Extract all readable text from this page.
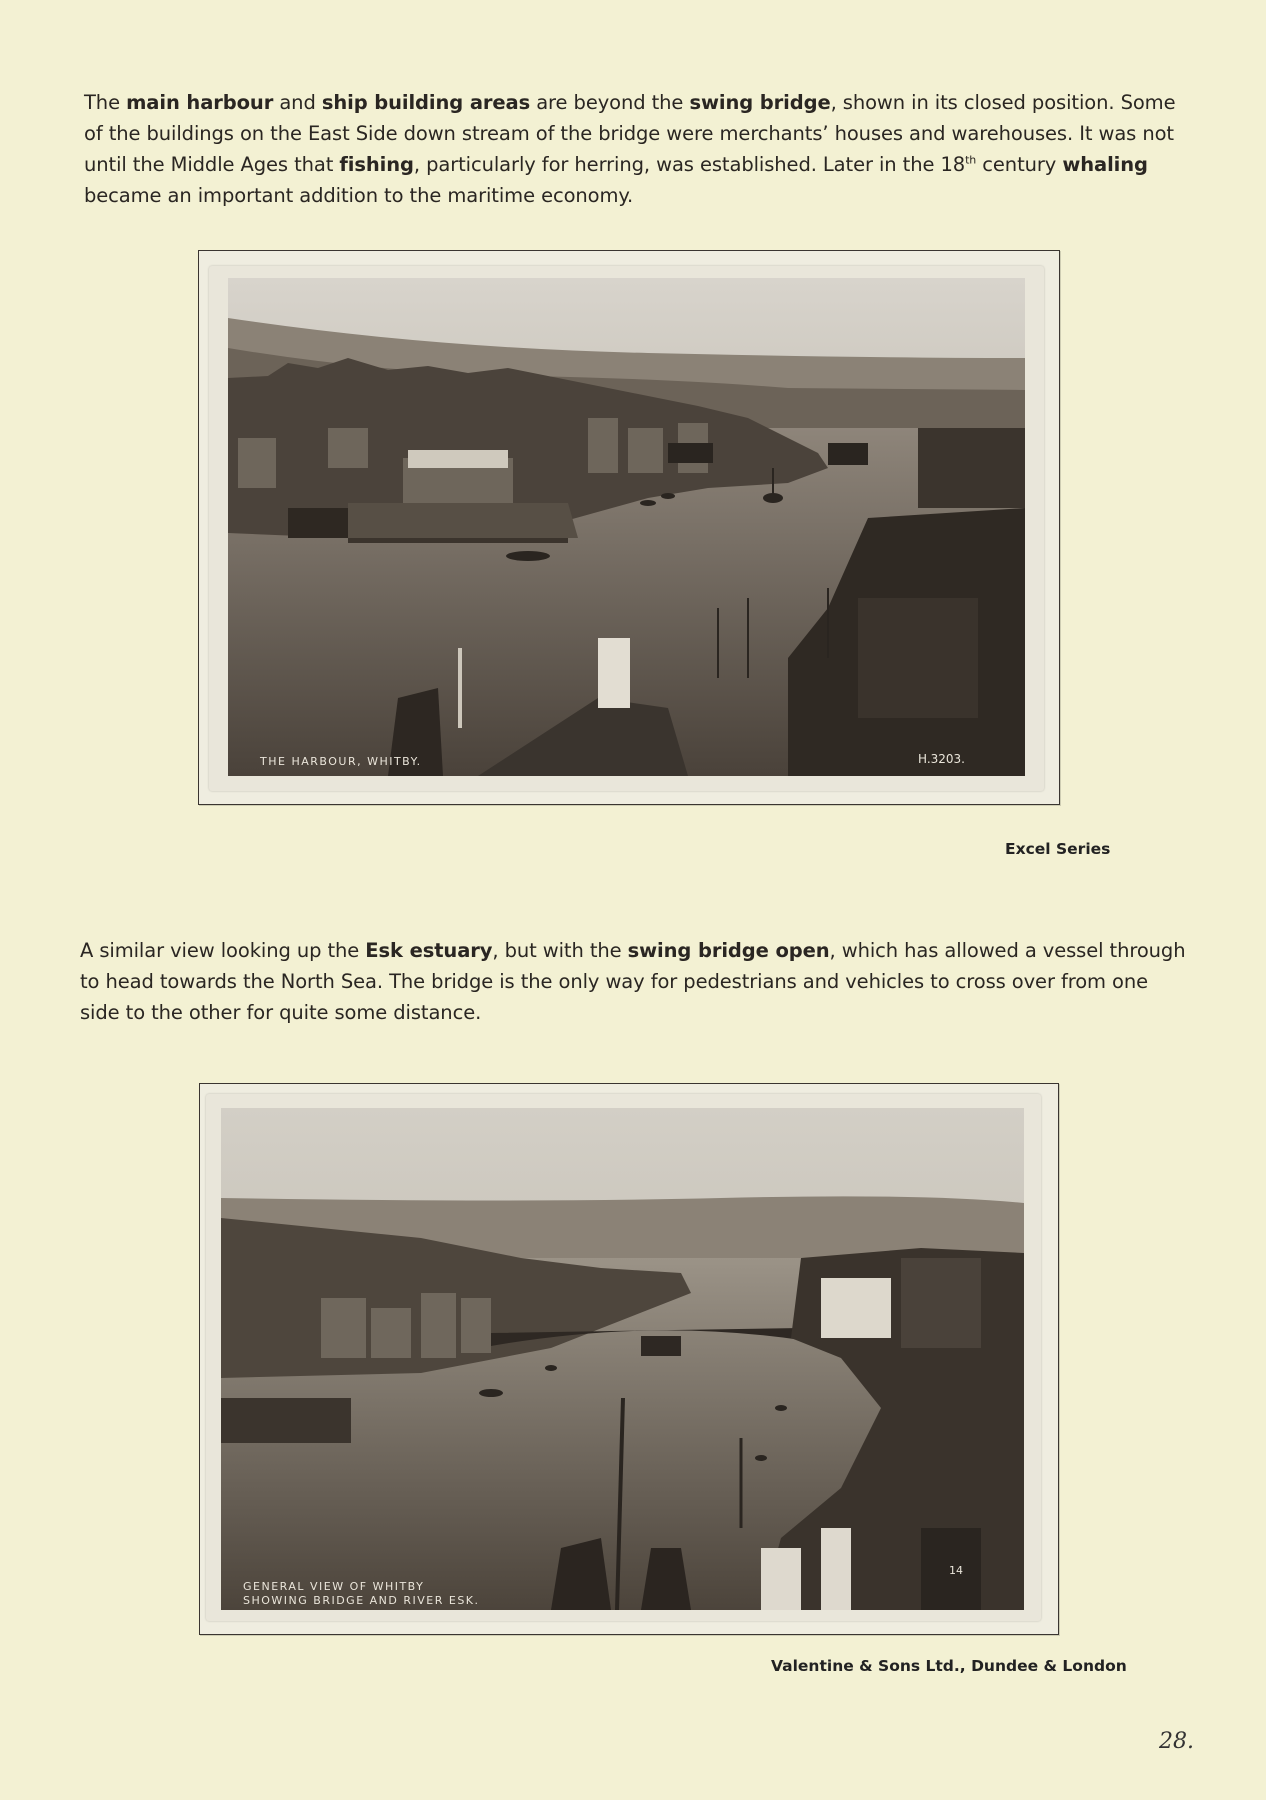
The main harbour and ship building areas are beyond the swing bridge, shown in its closed position. Some of the buildings on the East Side down stream of the bridge were merchants’ houses and warehouses. It was not until the Middle Ages that fishing, particularly for herring, was established. Later in the 18th century whaling became an important addition to the maritime economy.

THE HARBOUR, WHITBY.	H.3203.
Excel Series

A similar view looking up the Esk estuary, but with the swing bridge open, which has allowed a vessel through to head towards the North Sea. The bridge is the only way for pedestrians and vehicles to cross over from one side to the other for quite some distance.

GENERAL VIEW OF WHITBY
SHOWING BRIDGE AND RIVER ESK.
14
Valentine & Sons Ltd., Dundee & London
28.
